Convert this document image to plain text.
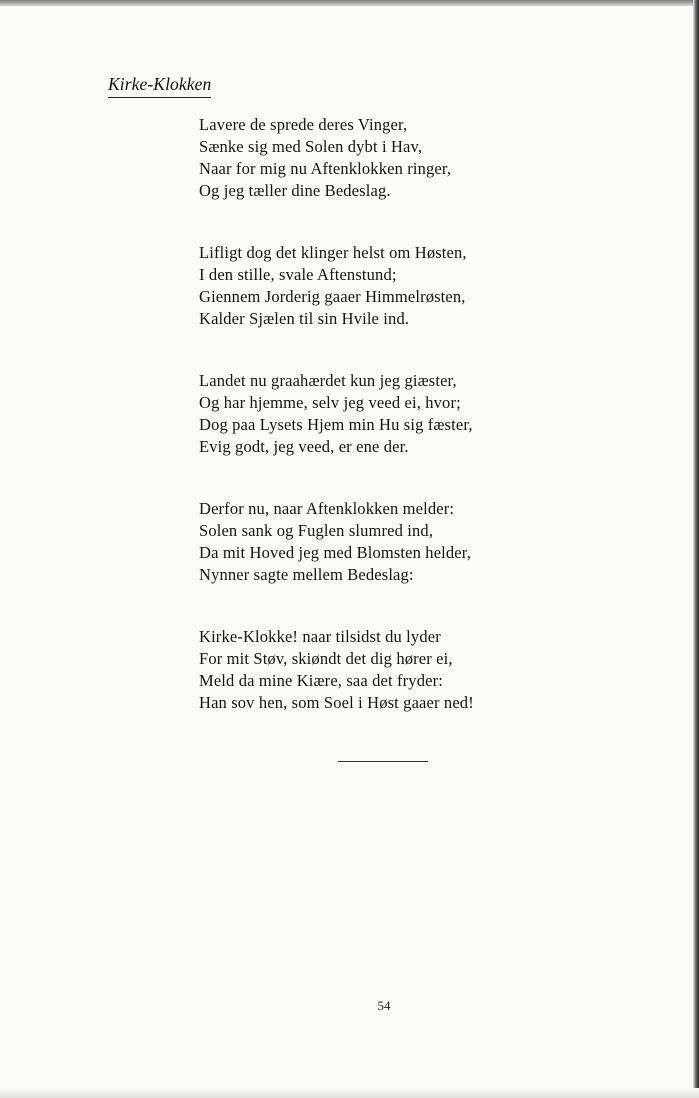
Kirke-Klokken
Lavere de sprede deres Vinger,
Sænke sig med Solen dybt i Hav,
Naar for mig nu Aftenklokken ringer,
Og jeg tæller dine Bedeslag.
Lifligt dog det klinger helst om Høsten,
I den stille, svale Aftenstund;
Giennem Jorderig gaaer Himmelrøsten,
Kalder Sjælen til sin Hvile ind.
Landet nu graahærdet kun jeg giæster,
Og har hjemme, selv jeg veed ei, hvor;
Dog paa Lysets Hjem min Hu sig fæster,
Evig godt, jeg veed, er ene der.
Derfor nu, naar Aftenklokken melder:
Solen sank og Fuglen slumred ind,
Da mit Hoved jeg med Blomsten helder,
Nynner sagte mellem Bedeslag:
Kirke-Klokke! naar tilsidst du lyder
For mit Støv, skiøndt det dig hører ei,
Meld da mine Kiære, saa det fryder:
Han sov hen, som Soel i Høst gaaer ned!
54
